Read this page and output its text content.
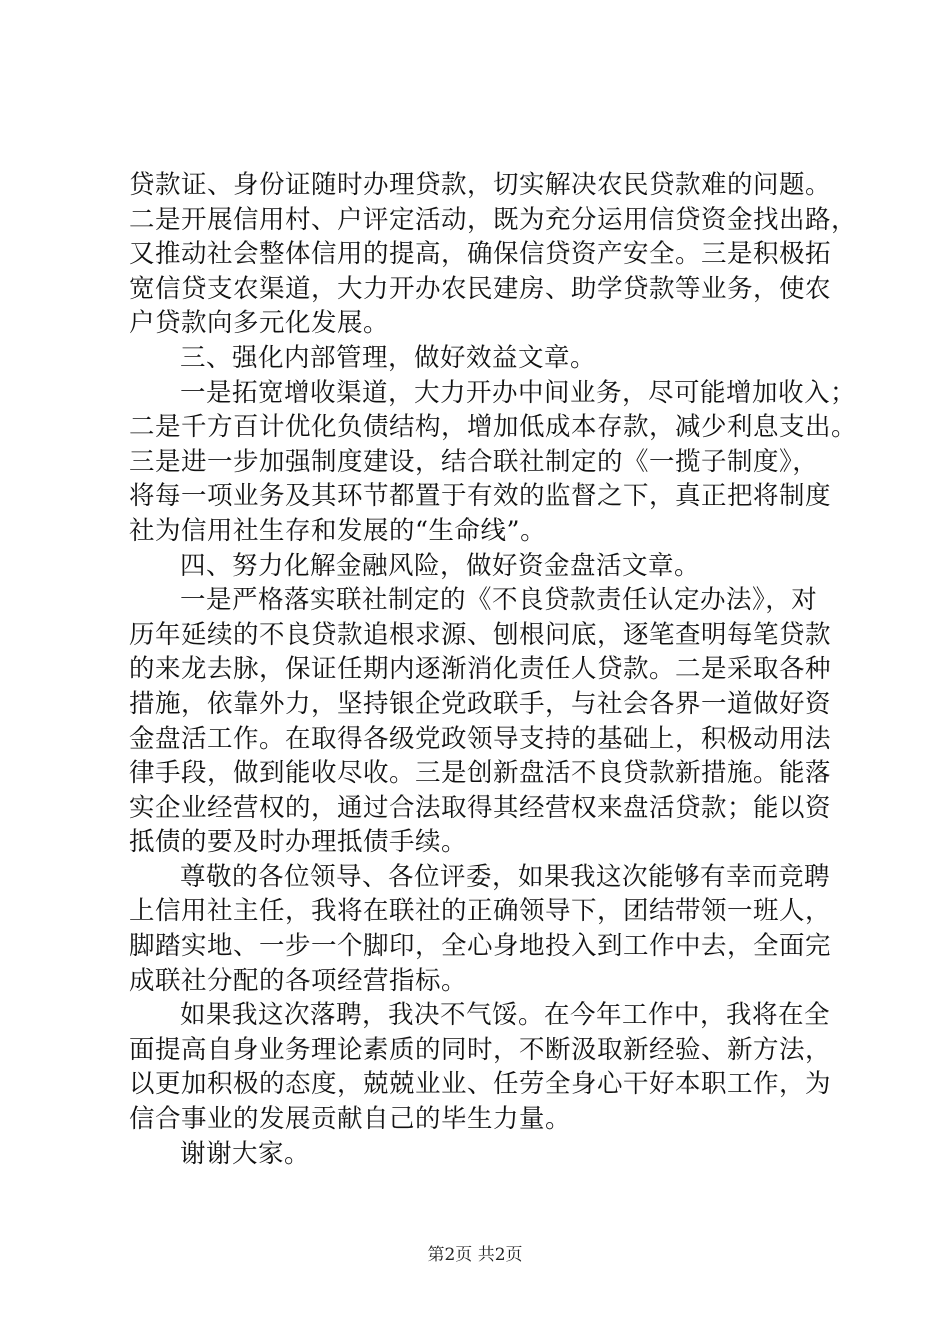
贷款证、身份证随时办理贷款，切实解决农民贷款难的问题。
二是开展信用村、户评定活动，既为充分运用信贷资金找出路，
又推动社会整体信用的提高，确保信贷资产安全。三是积极拓
宽信贷支农渠道，大力开办农民建房、助学贷款等业务，使农
户贷款向多元化发展。
三、强化内部管理，做好效益文章。
一是拓宽增收渠道，大力开办中间业务，尽可能增加收入；
二是千方百计优化负债结构，增加低成本存款，减少利息支出。
三是进一步加强制度建设，结合联社制定的《一揽子制度》，
将每一项业务及其环节都置于有效的监督之下，真正把将制度
社为信用社生存和发展的“生命线”。
四、努力化解金融风险，做好资金盘活文章。
一是严格落实联社制定的《不良贷款责任认定办法》，对
历年延续的不良贷款追根求源、刨根问底，逐笔查明每笔贷款
的来龙去脉，保证任期内逐渐消化责任人贷款。二是采取各种
措施，依靠外力，坚持银企党政联手，与社会各界一道做好资
金盘活工作。在取得各级党政领导支持的基础上，积极动用法
律手段，做到能收尽收。三是创新盘活不良贷款新措施。能落
实企业经营权的，通过合法取得其经营权来盘活贷款；能以资
抵债的要及时办理抵债手续。
尊敬的各位领导、各位评委，如果我这次能够有幸而竞聘
上信用社主任，我将在联社的正确领导下，团结带领一班人，
脚踏实地、一步一个脚印，全心身地投入到工作中去，全面完
成联社分配的各项经营指标。
如果我这次落聘，我决不气馁。在今年工作中，我将在全
面提高自身业务理论素质的同时，不断汲取新经验、新方法，
以更加积极的态度，兢兢业业、任劳全身心干好本职工作，为
信合事业的发展贡献自己的毕生力量。
谢谢大家。
第2页 共2页
